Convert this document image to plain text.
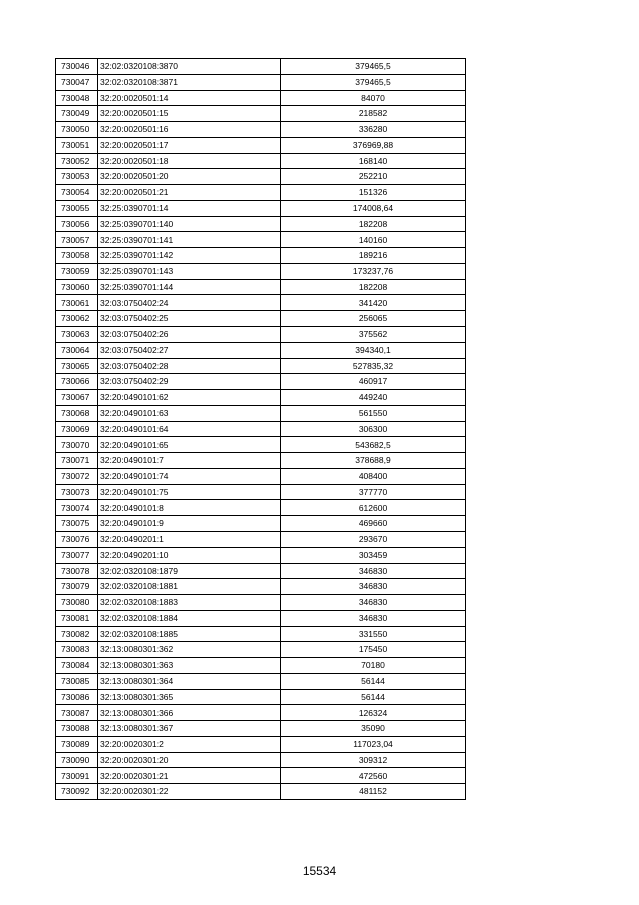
730046	32:02:0320108:3870	379465,5
730047	32:02:0320108:3871	379465,5
730048	32:20:0020501:14	84070
730049	32:20:0020501:15	218582
730050	32:20:0020501:16	336280
730051	32:20:0020501:17	376969,88
730052	32:20:0020501:18	168140
730053	32:20:0020501:20	252210
730054	32:20:0020501:21	151326
730055	32:25:0390701:14	174008,64
730056	32:25:0390701:140	182208
730057	32:25:0390701:141	140160
730058	32:25:0390701:142	189216
730059	32:25:0390701:143	173237,76
730060	32:25:0390701:144	182208
730061	32:03:0750402:24	341420
730062	32:03:0750402:25	256065
730063	32:03:0750402:26	375562
730064	32:03:0750402:27	394340,1
730065	32:03:0750402:28	527835,32
730066	32:03:0750402:29	460917
730067	32:20:0490101:62	449240
730068	32:20:0490101:63	561550
730069	32:20:0490101:64	306300
730070	32:20:0490101:65	543682,5
730071	32:20:0490101:7	378688,9
730072	32:20:0490101:74	408400
730073	32:20:0490101:75	377770
730074	32:20:0490101:8	612600
730075	32:20:0490101:9	469660
730076	32:20:0490201:1	293670
730077	32:20:0490201:10	303459
730078	32:02:0320108:1879	346830
730079	32:02:0320108:1881	346830
730080	32:02:0320108:1883	346830
730081	32:02:0320108:1884	346830
730082	32:02:0320108:1885	331550
730083	32:13:0080301:362	175450
730084	32:13:0080301:363	70180
730085	32:13:0080301:364	56144
730086	32:13:0080301:365	56144
730087	32:13:0080301:366	126324
730088	32:13:0080301:367	35090
730089	32:20:0020301:2	117023,04
730090	32:20:0020301:20	309312
730091	32:20:0020301:21	472560
730092	32:20:0020301:22	481152
15534
